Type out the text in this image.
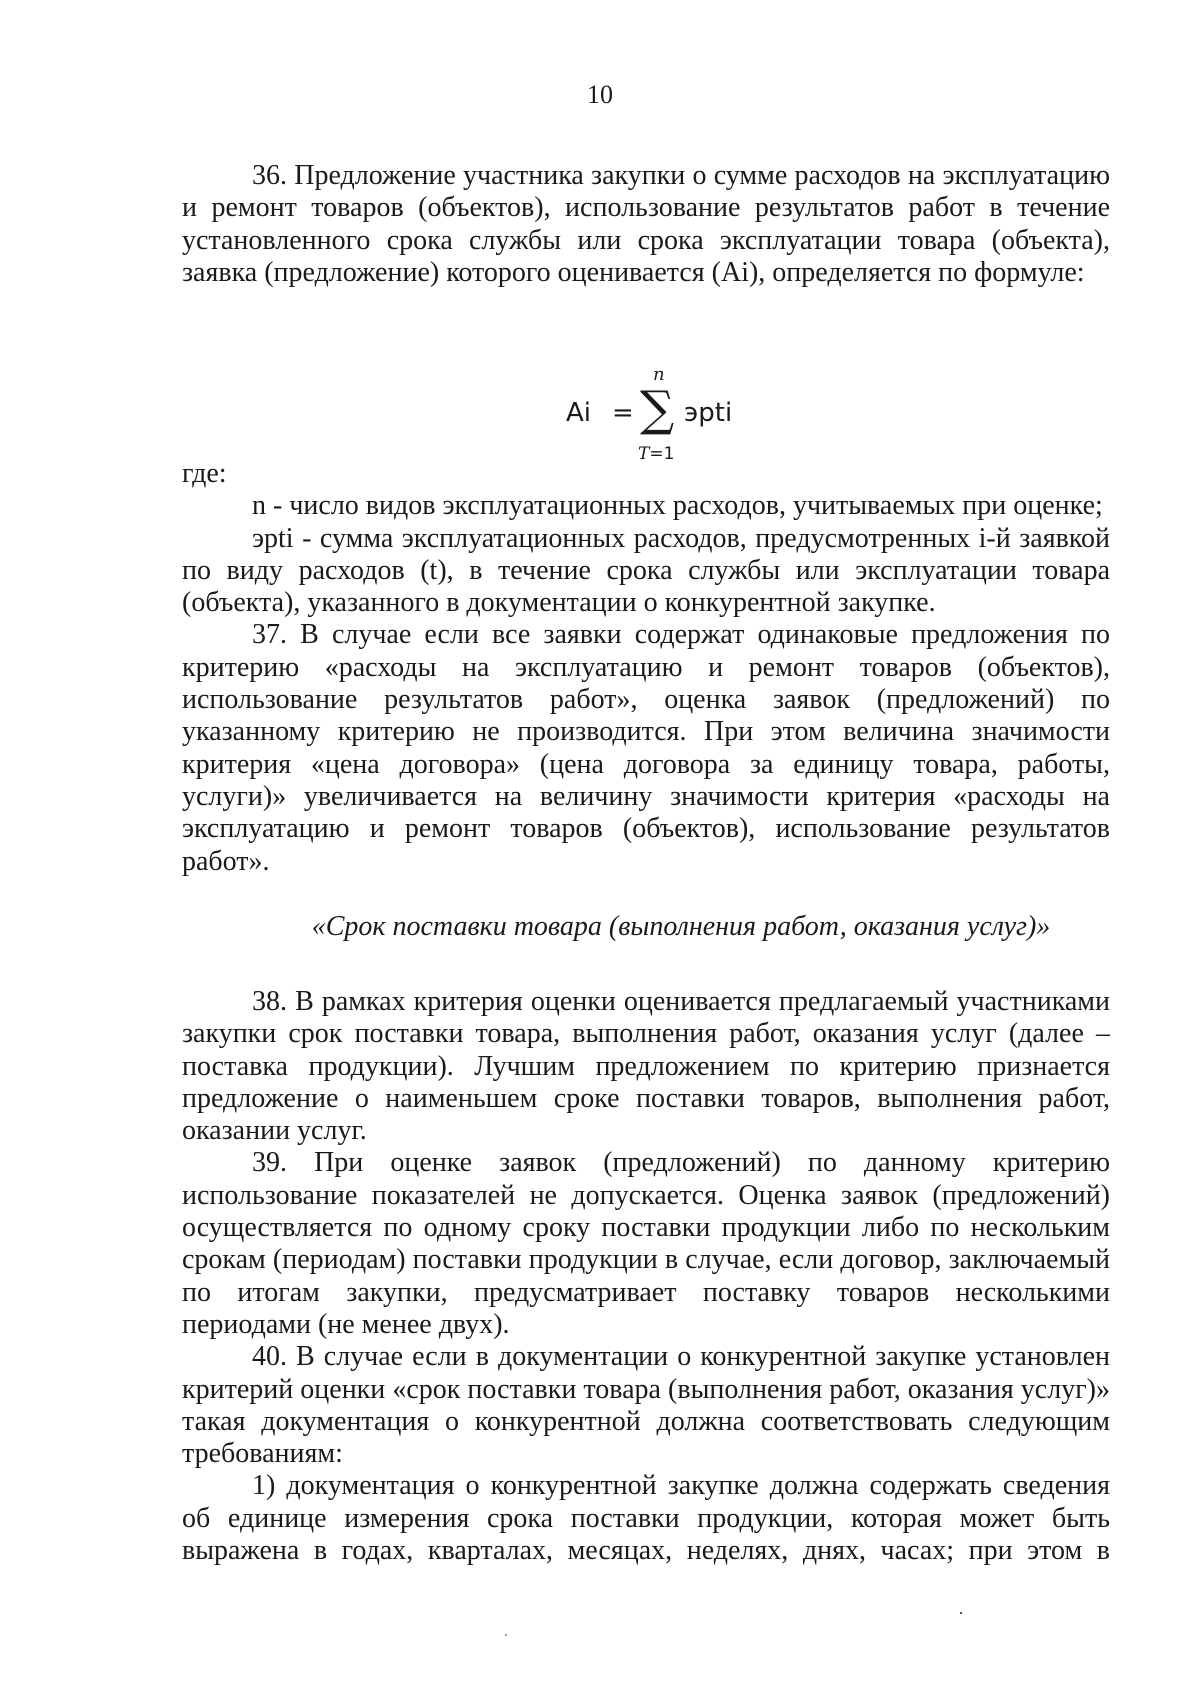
10

36. Предложение участника закупки о сумме расходов на эксплуатацию и ремонт товаров (объектов), использование результатов работ в течение установленного срока службы или срока эксплуатации товара (объекта), заявка (предложение) которого оценивается (Ai), определяется по формуле:

Ai =
n
∑
T=1
эрti

где:

n - число видов эксплуатационных расходов, учитываемых при оценке;

эрti - сумма эксплуатационных расходов, предусмотренных i-й заявкой по виду расходов (t), в течение срока службы или эксплуатации товара (объекта), указанного в документации о конкурентной закупке.

37. В случае если все заявки содержат одинаковые предложения по критерию «расходы на эксплуатацию и ремонт товаров (объектов), использование результатов работ», оценка заявок (предложений) по указанному критерию не производится. При этом величина значимости критерия «цена договора» (цена договора за единицу товара, работы, услуги)» увеличивается на величину значимости критерия «расходы на эксплуатацию и ремонт товаров (объектов), использование результатов работ».

«Срок поставки товара (выполнения работ, оказания услуг)»

38. В рамках критерия оценки оценивается предлагаемый участниками закупки срок поставки товара, выполнения работ, оказания услуг (далее – поставка продукции). Лучшим предложением по критерию признается предложение о наименьшем сроке поставки товаров, выполнения работ, оказании услуг.

39. При оценке заявок (предложений) по данному критерию использование показателей не допускается. Оценка заявок (предложений) осуществляется по одному сроку поставки продукции либо по нескольким срокам (периодам) поставки продукции в случае, если договор, заключаемый по итогам закупки, предусматривает поставку товаров несколькими периодами (не менее двух).

40. В случае если в документации о конкурентной закупке установлен критерий оценки «срок поставки товара (выполнения работ, оказания услуг)» такая документация о конкурентной должна соответствовать следующим требованиям:

1) документация о конкурентной закупке должна содержать сведения об единице измерения срока поставки продукции, которая может быть выражена в годах, кварталах, месяцах, неделях, днях, часах; при этом в
